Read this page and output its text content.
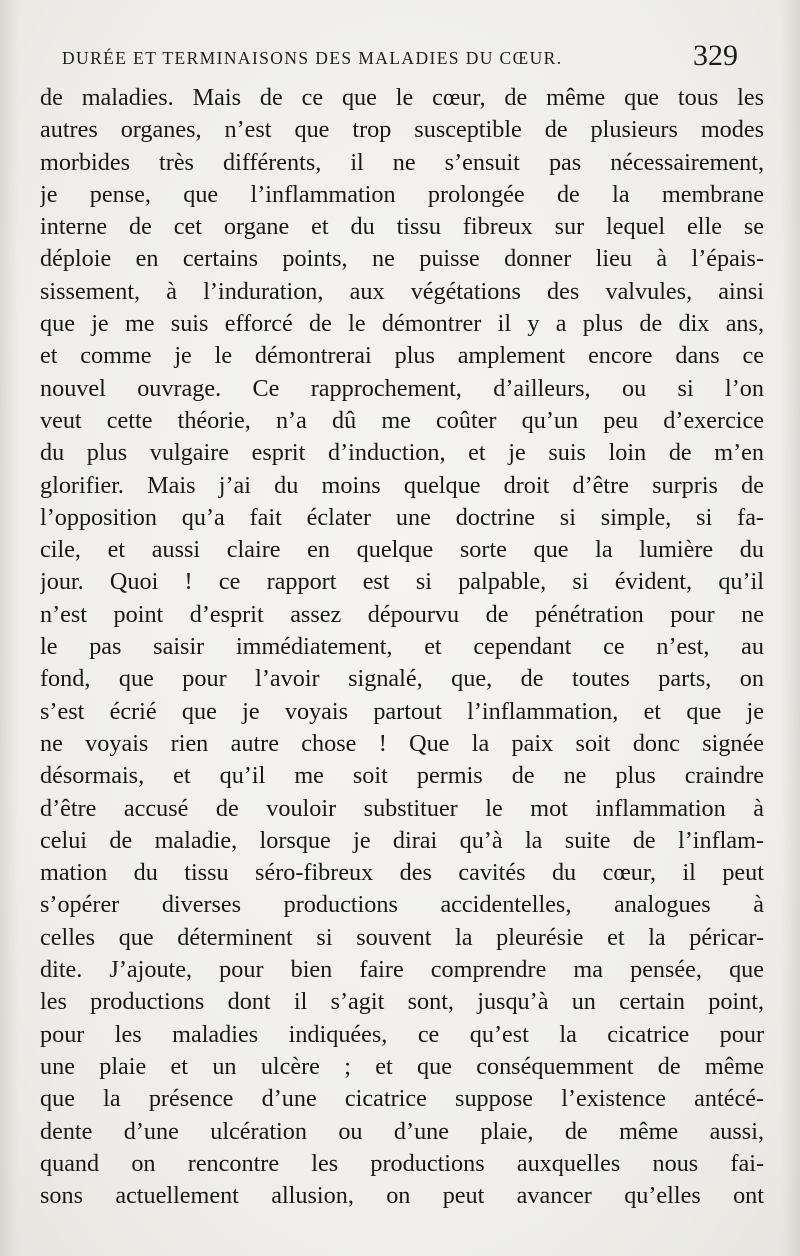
DURÉE ET TERMINAISONS DES MALADIES DU CŒUR.	329
de maladies. Mais de ce que le cœur, de même que tous les
autres organes, n’est que trop susceptible de plusieurs modes
morbides très différents, il ne s’ensuit pas nécessairement,
je pense, que l’inflammation prolongée de la membrane
interne de cet organe et du tissu fibreux sur lequel elle se
déploie en certains points, ne puisse donner lieu à l’épais-
sissement, à l’induration, aux végétations des valvules, ainsi
que je me suis efforcé de le démontrer il y a plus de dix ans,
et comme je le démontrerai plus amplement encore dans ce
nouvel ouvrage. Ce rapprochement, d’ailleurs, ou si l’on
veut cette théorie, n’a dû me coûter qu’un peu d’exercice
du plus vulgaire esprit d’induction, et je suis loin de m’en
glorifier. Mais j’ai du moins quelque droit d’être surpris de
l’opposition qu’a fait éclater une doctrine si simple, si fa-
cile, et aussi claire en quelque sorte que la lumière du
jour. Quoi ! ce rapport est si palpable, si évident, qu’il
n’est point d’esprit assez dépourvu de pénétration pour ne
le pas saisir immédiatement, et cependant ce n’est, au
fond, que pour l’avoir signalé, que, de toutes parts, on
s’est écrié que je voyais partout l’inflammation, et que je
ne voyais rien autre chose ! Que la paix soit donc signée
désormais, et qu’il me soit permis de ne plus craindre
d’être accusé de vouloir substituer le mot inflammation à
celui de maladie, lorsque je dirai qu’à la suite de l’inflam-
mation du tissu séro-fibreux des cavités du cœur, il peut
s’opérer diverses productions accidentelles, analogues à
celles que déterminent si souvent la pleurésie et la péricar-
dite. J’ajoute, pour bien faire comprendre ma pensée, que
les productions dont il s’agit sont, jusqu’à un certain point,
pour les maladies indiquées, ce qu’est la cicatrice pour
une plaie et un ulcère ; et que conséquemment de même
que la présence d’une cicatrice suppose l’existence antécé-
dente d’une ulcération ou d’une plaie, de même aussi,
quand on rencontre les productions auxquelles nous fai-
sons actuellement allusion, on peut avancer qu’elles ont
